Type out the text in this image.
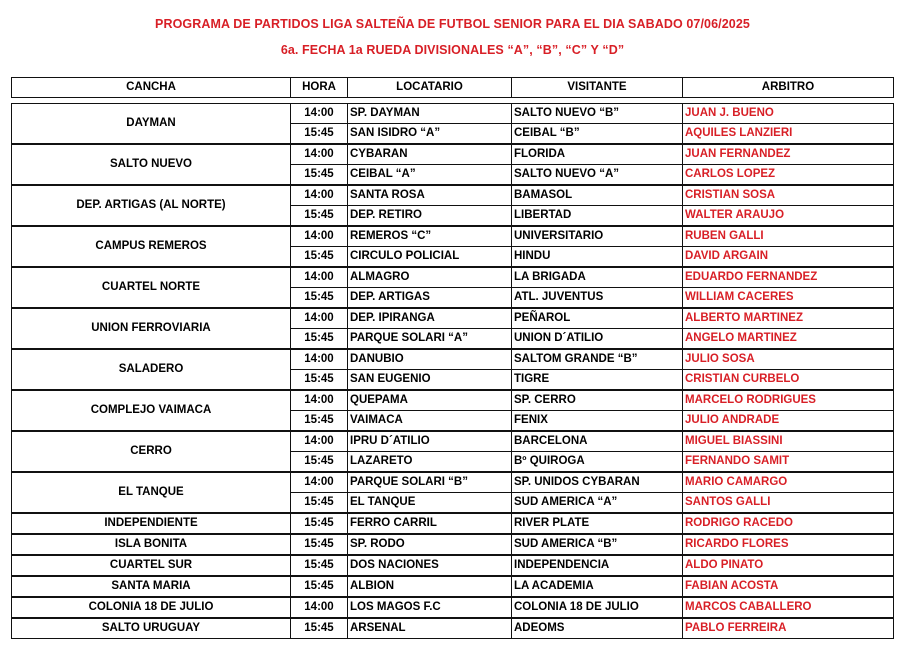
PROGRAMA DE PARTIDOS LIGA SALTEÑA DE FUTBOL SENIOR PARA EL DIA SABADO 07/06/2025
6a. FECHA 1a RUEDA DIVISIONALES “A”, “B”, “C” Y “D”
CANCHA	HORA	LOCATARIO	VISITANTE	ARBITRO

DAYMAN	14:00	SP. DAYMAN	SALTO NUEVO “B”	JUAN J. BUENO
	15:45	SAN ISIDRO “A”	CEIBAL “B”	AQUILES LANZIERI
SALTO NUEVO	14:00	CYBARAN	FLORIDA	JUAN FERNANDEZ
	15:45	CEIBAL “A”	SALTO NUEVO “A”	CARLOS LOPEZ
DEP. ARTIGAS (AL NORTE)	14:00	SANTA ROSA	BAMASOL	CRISTIAN SOSA
	15:45	DEP. RETIRO	LIBERTAD	WALTER ARAUJO
CAMPUS REMEROS	14:00	REMEROS “C”	UNIVERSITARIO	RUBEN GALLI
	15:45	CIRCULO POLICIAL	HINDU	DAVID ARGAIN
CUARTEL NORTE	14:00	ALMAGRO	LA BRIGADA	EDUARDO FERNANDEZ
	15:45	DEP. ARTIGAS	ATL. JUVENTUS	WILLIAM CACERES
UNION FERROVIARIA	14:00	DEP. IPIRANGA	PEÑAROL	ALBERTO MARTINEZ
	15:45	PARQUE SOLARI “A”	UNION D´ATILIO	ANGELO MARTINEZ
SALADERO	14:00	DANUBIO	SALTOM GRANDE “B”	JULIO SOSA
	15:45	SAN EUGENIO	TIGRE	CRISTIAN CURBELO
COMPLEJO VAIMACA	14:00	QUEPAMA	SP. CERRO	MARCELO RODRIGUES
	15:45	VAIMACA	FENIX	JULIO ANDRADE
CERRO	14:00	IPRU D´ATILIO	BARCELONA	MIGUEL BIASSINI
	15:45	LAZARETO	Bº QUIROGA	FERNANDO SAMIT
EL TANQUE	14:00	PARQUE SOLARI “B”	SP. UNIDOS CYBARAN	MARIO CAMARGO
	15:45	EL TANQUE	SUD AMERICA “A”	SANTOS GALLI
INDEPENDIENTE	15:45	FERRO CARRIL	RIVER PLATE	RODRIGO RACEDO
ISLA BONITA	15:45	SP. RODO	SUD AMERICA “B”	RICARDO FLORES
CUARTEL SUR	15:45	DOS NACIONES	INDEPENDENCIA	ALDO PINATO
SANTA MARIA	15:45	ALBION	LA ACADEMIA	FABIAN ACOSTA
COLONIA 18 DE JULIO	14:00	LOS MAGOS F.C	COLONIA 18 DE JULIO	MARCOS CABALLERO
SALTO URUGUAY	15:45	ARSENAL	ADEOMS	PABLO FERREIRA
